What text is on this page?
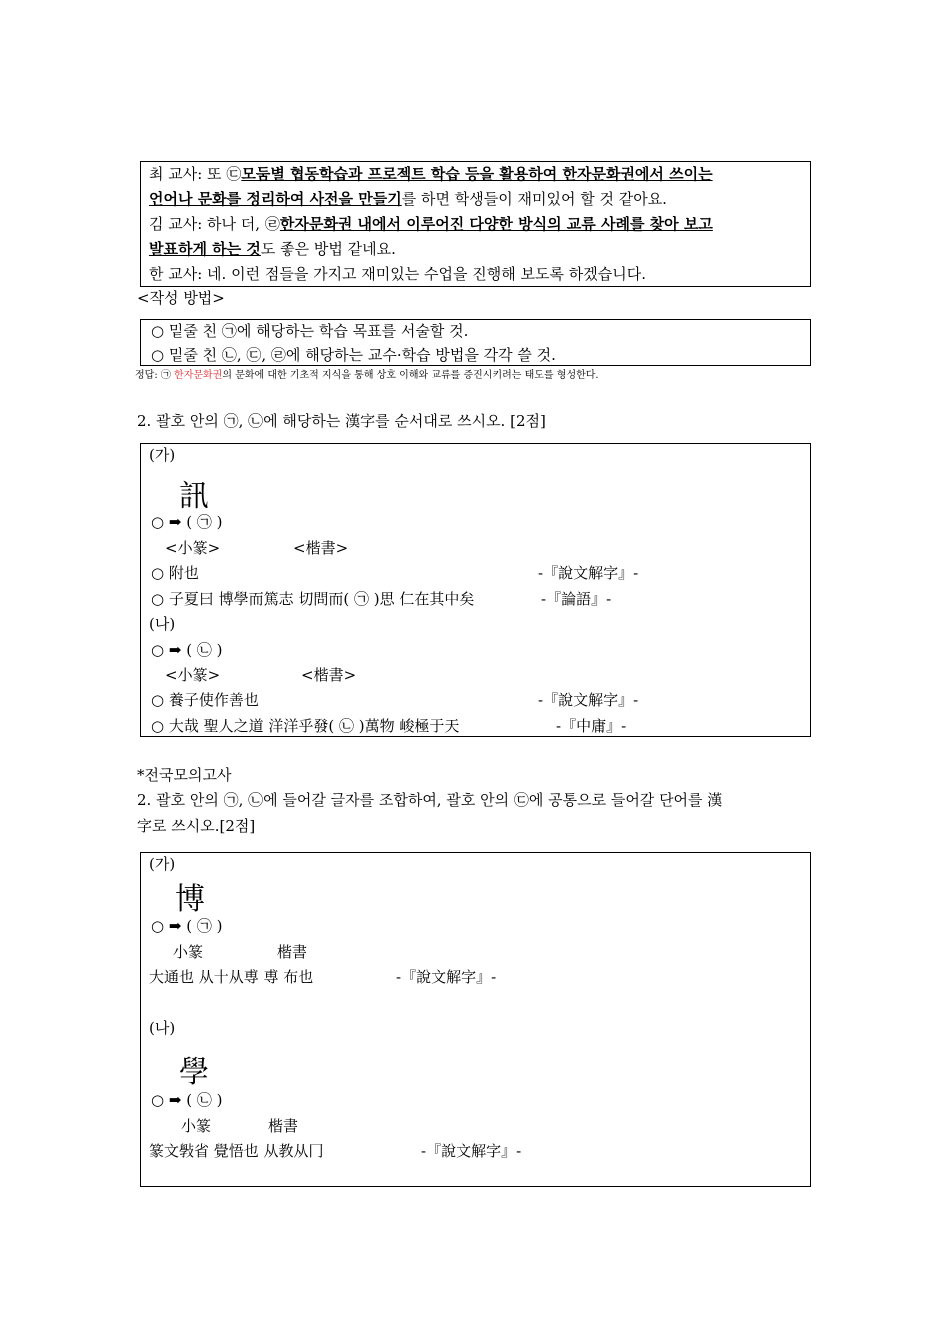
최 교사: 또 ㉢모둠별 협동학습과 프로젝트 학습 등을 활용하여 한자문화권에서 쓰이는
언어나 문화를 정리하여 사전을 만들기를 하면 학생들이 재미있어 할 것 같아요.
김 교사: 하나 더, ㉣한자문화권 내에서 이루어진 다양한 방식의 교류 사례를 찾아 보고
발표하게 하는 것도 좋은 방법 같네요.
한 교사: 네. 이런 점들을 가지고 재미있는 수업을 진행해 보도록 하겠습니다.
<작성 방법>
○ 밑줄 친 ㉠에 해당하는 학습 목표를 서술할 것.
○ 밑줄 친 ㉡, ㉢, ㉣에 해당하는 교수·학습 방법을 각각 쓸 것.
정답: ㉠ 한자문화권의 문화에 대한 기초적 지식을 통해 상호 이해와 교류를 증진시키려는 태도를 형성한다.
2. 괄호 안의 ㉠, ㉡에 해당하는 漢字를 순서대로 쓰시오. [2점]
(가)
訊
○ ➡ ( ㉠ )
<小篆>	<楷書>
○ 附也	-『說文解字』-
○ 子夏曰 博學而篤志 切問而( ㉠ )思 仁在其中矣	-『論語』-
(나)
○ ➡ ( ㉡ )
<小篆>	<楷書>
○ 養子使作善也	-『說文解字』-
○ 大哉 聖人之道 洋洋乎發( ㉡ )萬物 峻極于天	-『中庸』-
*전국모의고사
2. 괄호 안의 ㉠, ㉡에 들어갈 글자를 조합하여, 괄호 안의 ㉢에 공통으로 들어갈 단어를 漢
字로 쓰시오.[2점]
(가)
博
○ ➡ ( ㉠ )
小篆	楷書
大通也 从十从尃 尃 布也	-『說文解字』-
(나)
學
○ ➡ ( ㉡ )
小篆	楷書
篆文斅省 覺悟也 从教从冂	-『說文解字』-
